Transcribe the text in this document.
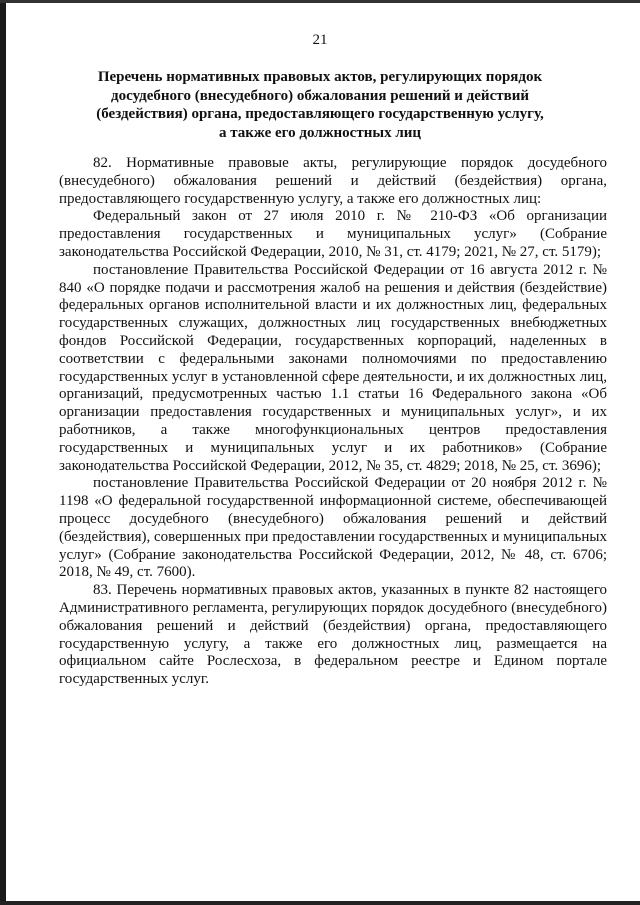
21
Перечень нормативных правовых актов, регулирующих порядок досудебного (внесудебного) обжалования решений и действий (бездействия) органа, предоставляющего государственную услугу, а также его должностных лиц

82. Нормативные правовые акты, регулирующие порядок досудебного (внесудебного) обжалования решений и действий (бездействия) органа, предоставляющего государственную услугу, а также его должностных лиц:

Федеральный закон от 27 июля 2010 г. № 210-ФЗ «Об организации предоставления государственных и муниципальных услуг» (Собрание законодательства Российской Федерации, 2010, № 31, ст. 4179; 2021, № 27, ст. 5179);

постановление Правительства Российской Федерации от 16 августа 2012 г. № 840 «О порядке подачи и рассмотрения жалоб на решения и действия (бездействие) федеральных органов исполнительной власти и их должностных лиц, федеральных государственных служащих, должностных лиц государственных внебюджетных фондов Российской Федерации, государственных корпораций, наделенных в соответствии с федеральными законами полномочиями по предоставлению государственных услуг в установленной сфере деятельности, и их должностных лиц, организаций, предусмотренных частью 1.1 статьи 16 Федерального закона «Об организации предоставления государственных и муниципальных услуг», и их работников, а также многофункциональных центров предоставления государственных и муниципальных услуг и их работников» (Собрание законодательства Российской Федерации, 2012, № 35, ст. 4829; 2018, № 25, ст. 3696);

постановление Правительства Российской Федерации от 20 ноября 2012 г. № 1198 «О федеральной государственной информационной системе, обеспечивающей процесс досудебного (внесудебного) обжалования решений и действий (бездействия), совершенных при предоставлении государственных и муниципальных услуг» (Собрание законодательства Российской Федерации, 2012, № 48, ст. 6706; 2018, № 49, ст. 7600).

83. Перечень нормативных правовых актов, указанных в пункте 82 настоящего Административного регламента, регулирующих порядок досудебного (внесудебного) обжалования решений и действий (бездействия) органа, предоставляющего государственную услугу, а также его должностных лиц, размещается на официальном сайте Рослесхоза, в федеральном реестре и Едином портале государственных услуг.
